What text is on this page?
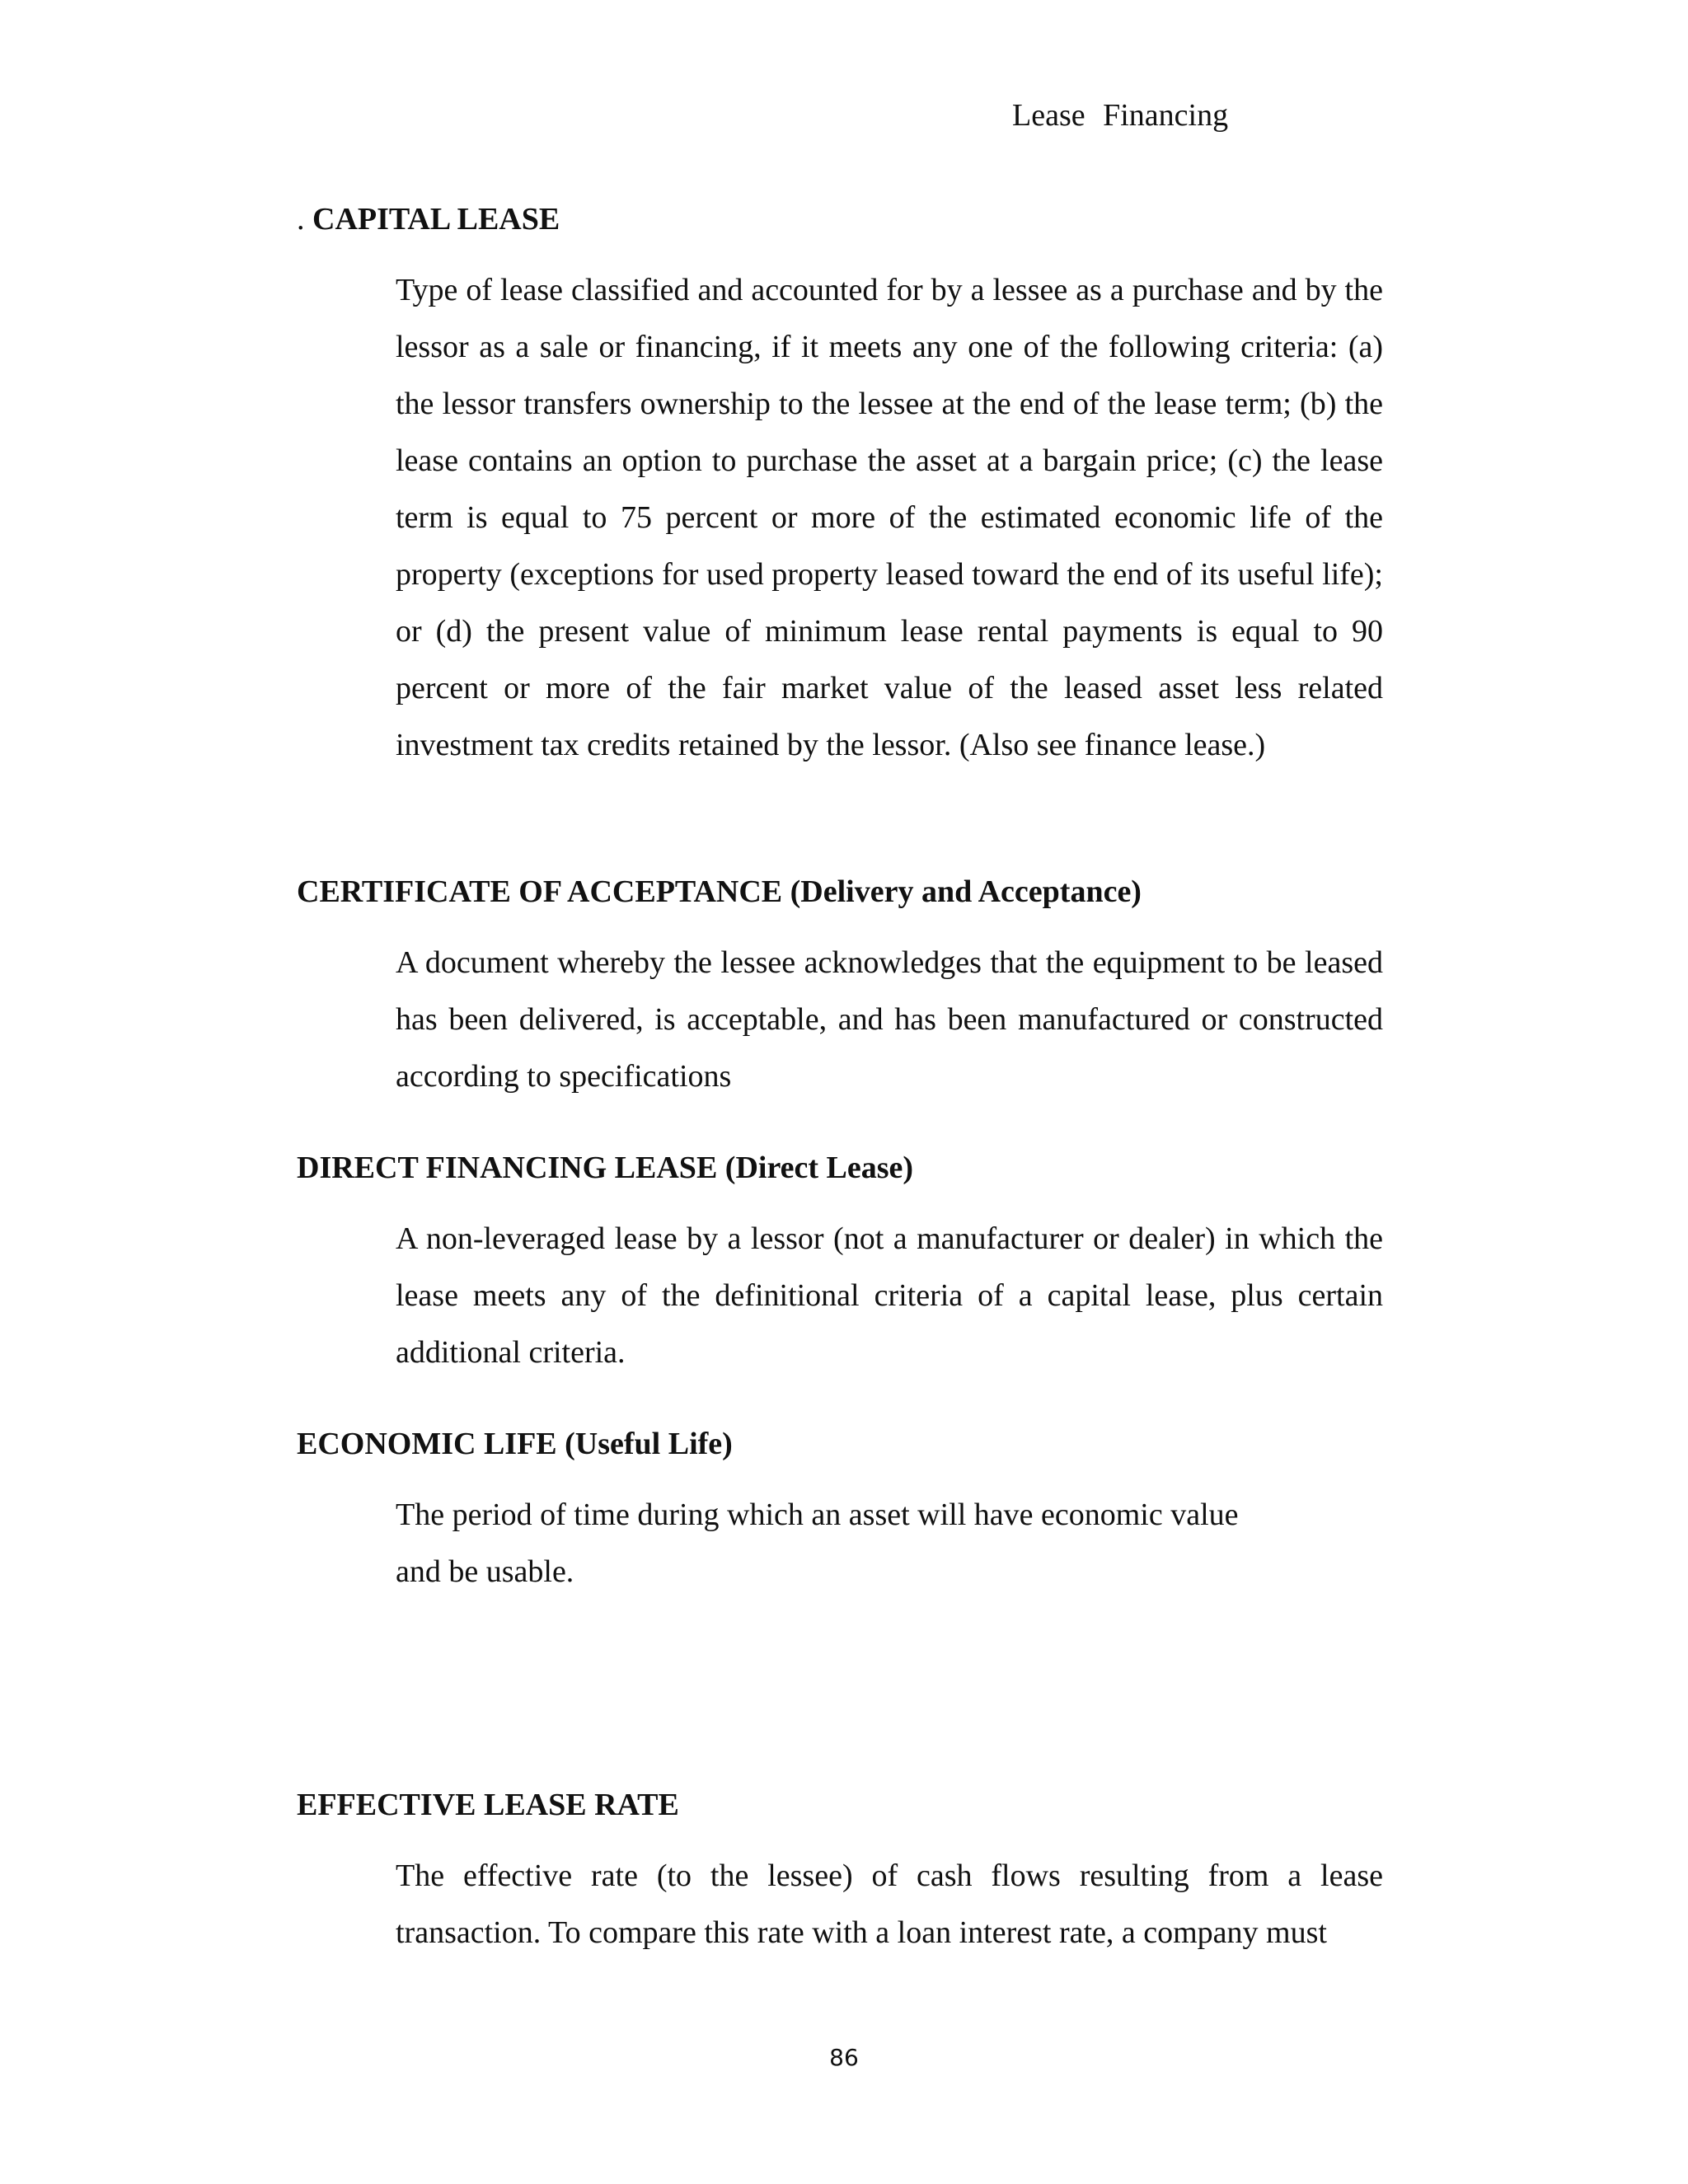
Lease Financing

. CAPITAL LEASE

Type of lease classified and accounted for by a lessee as a purchase and by the lessor as a sale or financing, if it meets any one of the following criteria: (a) the lessor transfers ownership to the lessee at the end of the lease term; (b) the lease contains an option to purchase the asset at a bargain price; (c) the lease term is equal to 75 percent or more of the estimated economic life of the property (exceptions for used property leased toward the end of its useful life); or (d) the present value of minimum lease rental payments is equal to 90 percent or more of the fair market value of the leased asset less related investment tax credits retained by the lessor. (Also see finance lease.)

CERTIFICATE OF ACCEPTANCE (Delivery and Acceptance)

A document whereby the lessee acknowledges that the equipment to be leased has been delivered, is acceptable, and has been manufactured or constructed according to specifications

DIRECT FINANCING LEASE (Direct Lease)

A non-leveraged lease by a lessor (not a manufacturer or dealer) in which the lease meets any of the definitional criteria of a capital lease, plus certain additional criteria.

ECONOMIC LIFE (Useful Life)

The period of time during which an asset will have economic value
and be usable.

EFFECTIVE LEASE RATE

The effective rate (to the lessee) of cash flows resulting from a lease transaction. To compare this rate with a loan interest rate, a company must

86
